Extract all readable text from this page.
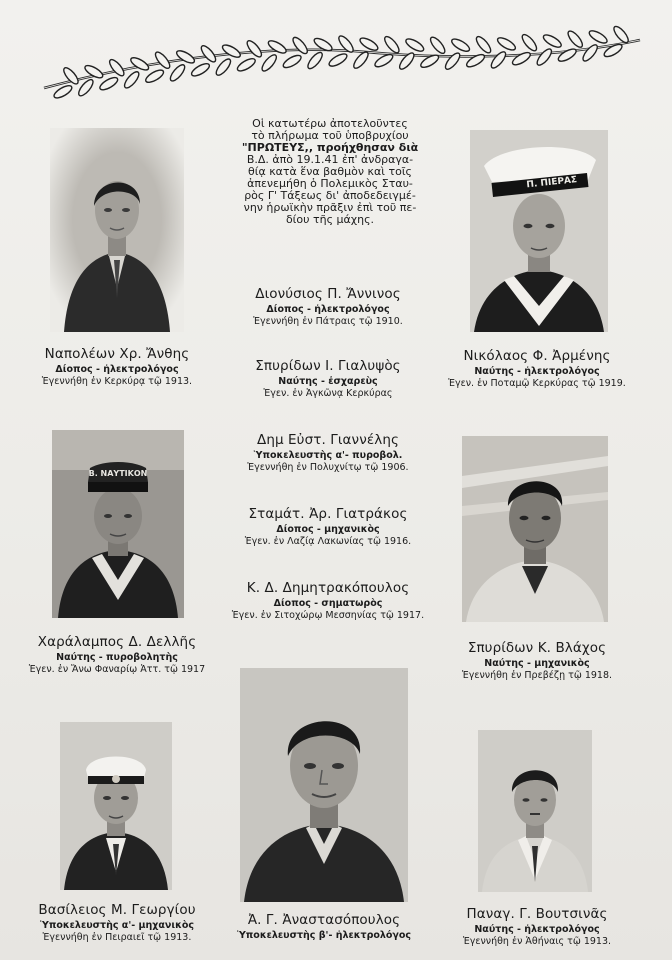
Οἱ κατωτέρω ἀποτελοῦντες
τὸ πλήρωμα τοῦ ὑποβρυχίου
"ΠΡΩΤΕΥΣ,, προήχθησαν διὰ
Β.Δ. ἀπὸ 19.1.41 ἐπ' ἀνδραγα-
θίᾳ κατὰ ἕνα βαθμὸν καὶ τοῖς
ἀπενεμήθη ὁ Πολεμικὸς Σταυ-
ρὸς Γ' Τάξεως δι' ἀποδεδειγμέ-
νην ἡρωϊκὴν πρᾶξιν ἐπὶ τοῦ πε-
δίου τῆς μάχης.
Ναπολέων Χρ. Ἄνθης
Δίοπος - ἠλεκτρολόγος
Ἐγεννήθη ἐν Κερκύρᾳ τῷ 1913.
Β. ΝΑΥΤΙΚΟΝ
Χαράλαμπος Δ. Δελλῆς
Ναύτης - πυροβολητὴς
Ἐγεν. ἐν Ἄνω Φαναρίῳ Ἀττ. τῷ 1917
Βασίλειος Μ. Γεωργίου
Ὑποκελευστὴς α'- μηχανικὸς
Ἐγεννήθη ἐν Πειραιεῖ τῷ 1913.
Διονύσιος Π. Ἄννινος
Δίοπος - ἠλεκτρολόγος
Ἐγεννήθη ἐν Πάτραις τῷ 1910.
Σπυρίδων Ι. Γιαλυψὸς
Ναύτης - ἐσχαρεὺς
Ἐγεν. ἐν Ἀγκῶνᾳ Κερκύρας
Δημ Εὐστ. Γιαννέλης
Ὑποκελευστὴς α'- πυροβολ.
Ἐγεννήθη ἐν Πολυχνίτῳ τῷ 1906.
Σταμάτ. Ἀρ. Γιατράκος
Δίοπος - μηχανικὸς
Ἐγεν. ἐν Λαζίᾳ Λακωνίας τῷ 1916.
Κ. Δ. Δημητρακόπουλος
Δίοπος - σηματωρὸς
Ἐγεν. ἐν Σιτοχώρῳ Μεσσηνίας τῷ 1917.
Ἀ. Γ. Ἀναστασόπουλος
Ὑποκελευστὴς β'- ἠλεκτρολόγος
Π. ΠΙΕΡΑΣ
Νικόλαος Φ. Ἀρμένης
Ναύτης - ἠλεκτρολόγος
Ἐγεν. ἐν Ποταμῷ Κερκύρας τῷ 1919.
Σπυρίδων Κ. Βλάχος
Ναύτης - μηχανικὸς
Ἐγεννήθη ἐν Πρεβέζῃ τῷ 1918.
Παναγ. Γ. Βουτσινᾶς
Ναύτης - ἠλεκτρολόγος
Ἐγεννήθη ἐν Ἀθήναις τῷ 1913.
